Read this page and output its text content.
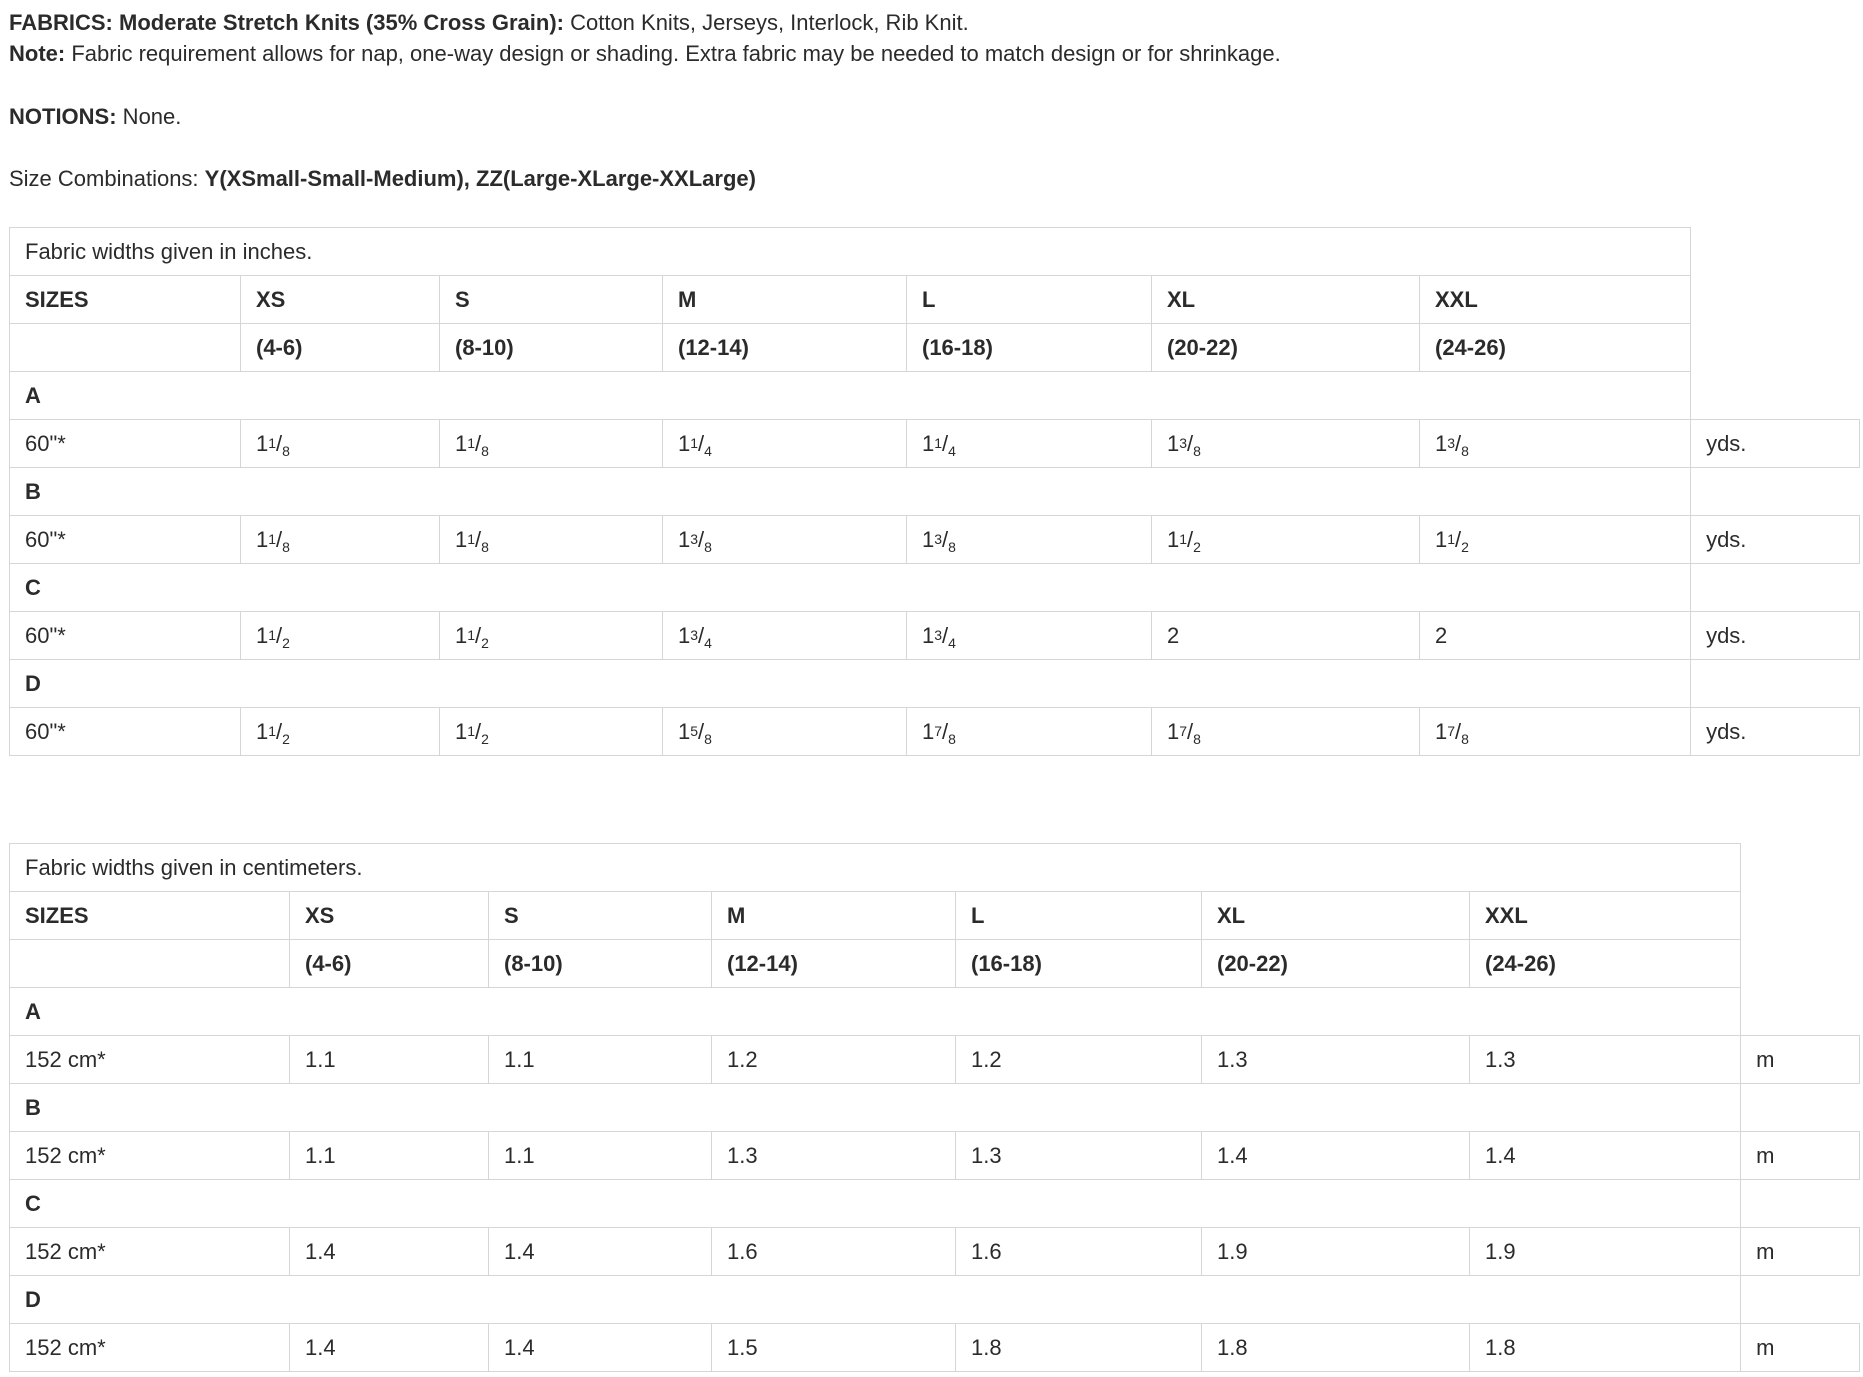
FABRICS: Moderate Stretch Knits (35% Cross Grain): Cotton Knits, Jerseys, Interlock, Rib Knit.
Note: Fabric requirement allows for nap, one-way design or shading. Extra fabric may be needed to match design or for shrinkage.
NOTIONS: None.
Size Combinations: Y(XSmall-Small-Medium), ZZ(Large-XLarge-XXLarge)
Fabric widths given in inches.							
SIZES	XS	S	M	L	XL	XXL	
	(4-6)	(8-10)	(12-14)	(16-18)	(20-22)	(24-26)	
A							
60"*	$1^1/_8$	$1^1/_8$	$1^1/_4$	$1^1/_4$	$1^3/_8$	$1^3/_8$	yds.
B							
60"*	$1^1/_8$	$1^1/_8$	$1^3/_8$	$1^3/_8$	$1^1/_2$	$1^1/_2$	yds.
C							
60"*	$1^1/_2$	$1^1/_2$	$1^3/_4$	$1^3/_4$	2	2	yds.
D							
60"*	$1^1/_2$	$1^1/_2$	$1^5/_8$	$1^7/_8$	$1^7/_8$	$1^7/_8$	yds.
Fabric widths given in centimeters.							
SIZES	XS	S	M	L	XL	XXL	
	(4-6)	(8-10)	(12-14)	(16-18)	(20-22)	(24-26)	
A							
152 cm*	1.1	1.1	1.2	1.2	1.3	1.3	m
B							
152 cm*	1.1	1.1	1.3	1.3	1.4	1.4	m
C							
152 cm*	1.4	1.4	1.6	1.6	1.9	1.9	m
D							
152 cm*	1.4	1.4	1.5	1.8	1.8	1.8	m
